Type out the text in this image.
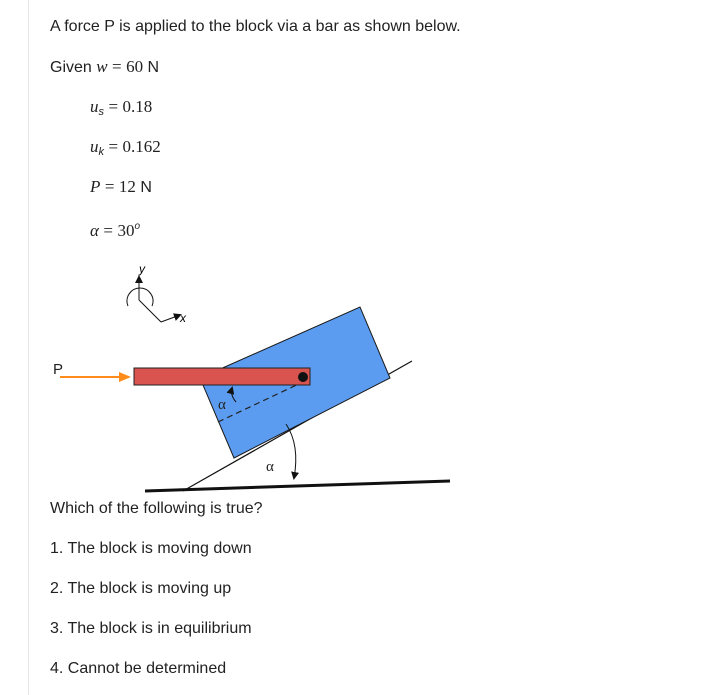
A force P is applied to the block via a bar as shown below.
Given w = 60 N
$u_s = 0.18$
$u_k = 0.162$
P = 12 N
$\alpha = 30^o$
y
x
P
α
α
Which of the following is true?
1. The block is moving down
2. The block is moving up
3. The block is in equilibrium
4. Cannot be determined
